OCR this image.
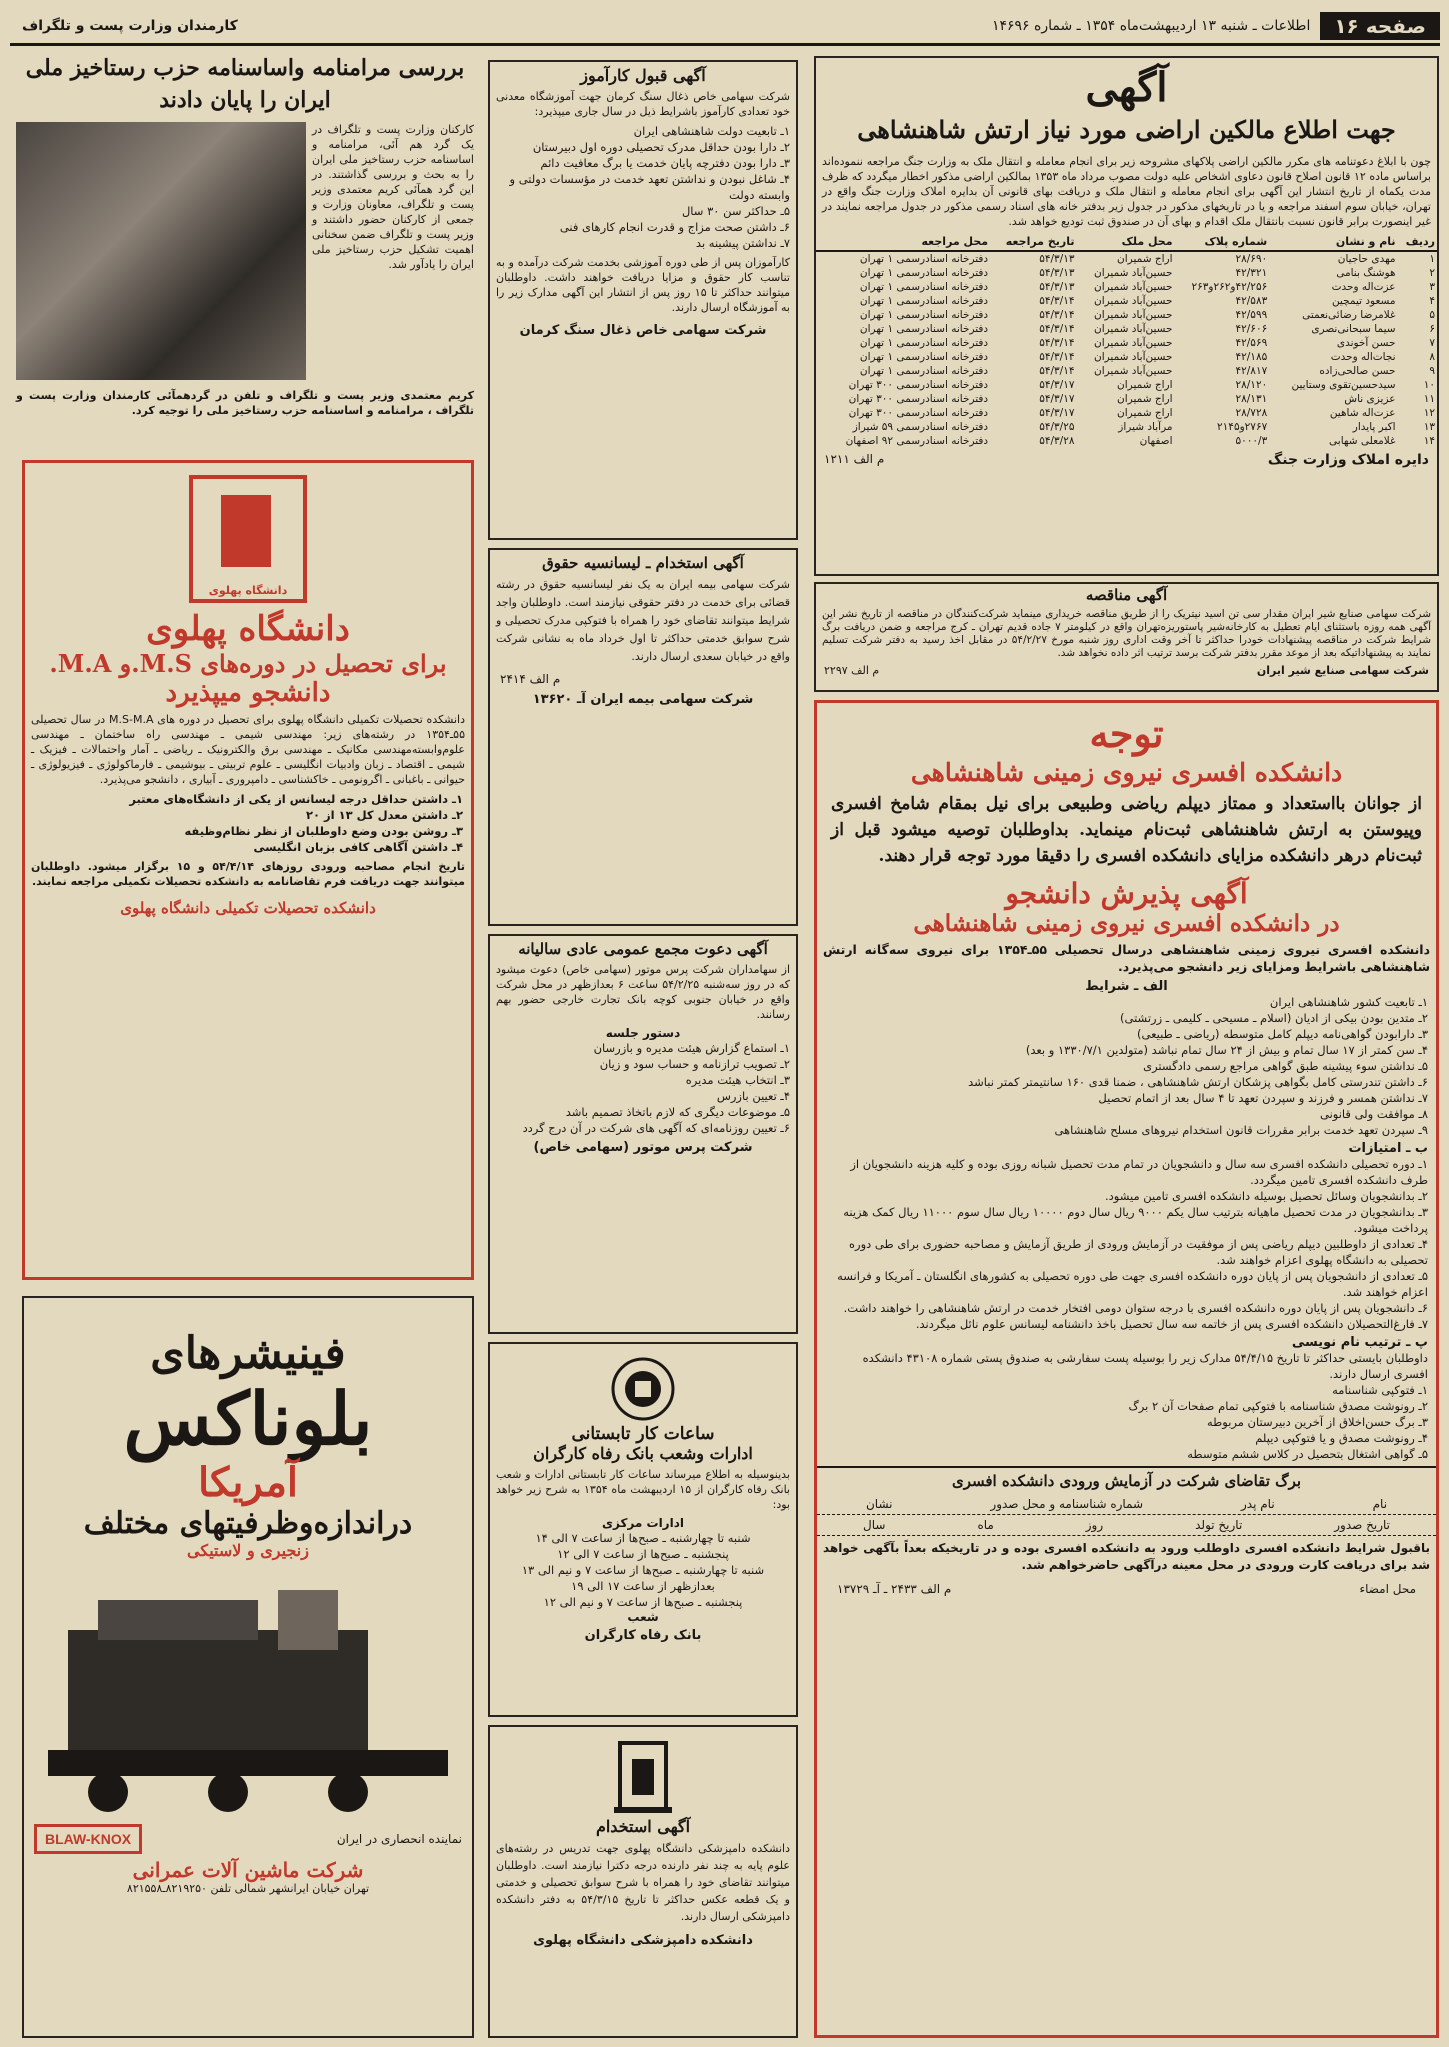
صفحه ۱۶
اطلاعات ـ شنبه ۱۳ اردیبهشت‌ماه ۱۳۵۴ ـ شماره ۱۴۶۹۶
کارمندان وزارت پست و تلگراف
آگهی
جهت اطلاع مالکین اراضی مورد نیاز ارتش شاهنشاهی
چون با ابلاغ دعوتنامه های مکرر مالکین اراضی پلاکهای مشروحه زیر برای انجام معامله و انتقال ملک به وزارت جنگ مراجعه ننموده‌اند براساس ماده ۱۲ قانون اصلاح قانون دعاوی اشخاص علیه دولت مصوب مرداد ماه ۱۳۵۳ بمالکین اراضی مذکور اخطار میگردد که ظرف مدت یکماه از تاریخ انتشار این آگهی برای انجام معامله و انتقال ملک و دریافت بهای قانونی آن بدایره املاک وزارت جنگ واقع در تهران، خیابان سوم اسفند مراجعه و یا در تاریخهای مذکور در جدول زیر بدفتر خانه های اسناد رسمی مذکور در جدول مراجعه نمایند در غیر اینصورت برابر قانون نسبت بانتقال ملک اقدام و بهای آن در صندوق ثبت تودیع خواهد شد.
ردیف	نام و نشان	شماره پلاک	محل ملک	تاریخ مراجعه	محل مراجعه
۱	مهدی حاجیان	۲۸/۶۹۰	اراج شمیران	۵۴/۳/۱۳	دفترخانه اسنادرسمی ۱ تهران
۲	هوشنگ بنامی	۴۲/۳۲۱	حسین‌آباد شمیران	۵۴/۳/۱۳	دفترخانه اسنادرسمی ۱ تهران
۳	عزت‌اله وحدت	۴۲/۲۵۶و۲۶۲و۲۶۳	حسین‌آباد شمیران	۵۴/۳/۱۳	دفترخانه اسنادرسمی ۱ تهران
۴	مسعود تیمچین	۴۲/۵۸۳	حسین‌آباد شمیران	۵۴/۳/۱۴	دفترخانه اسنادرسمی ۱ تهران
۵	غلامرضا رضائی‌نعمتی	۴۲/۵۹۹	حسین‌آباد شمیران	۵۴/۳/۱۴	دفترخانه اسنادرسمی ۱ تهران
۶	سیما سبحانی‌نصری	۴۲/۶۰۶	حسین‌آباد شمیران	۵۴/۳/۱۴	دفترخانه اسنادرسمی ۱ تهران
۷	حسن آخوندی	۴۲/۵۶۹	حسین‌آباد شمیران	۵۴/۳/۱۴	دفترخانه اسنادرسمی ۱ تهران
۸	نجات‌اله وحدت	۴۲/۱۸۵	حسین‌آباد شمیران	۵۴/۳/۱۴	دفترخانه اسنادرسمی ۱ تهران
۹	حسن صالحی‌زاده	۴۲/۸۱۷	حسین‌آباد شمیران	۵۴/۳/۱۴	دفترخانه اسنادرسمی ۱ تهران
۱۰	سیدحسین‌تقوی وستایین	۲۸/۱۲۰	اراج شمیران	۵۴/۳/۱۷	دفترخانه اسنادرسمی ۳۰۰ تهران
۱۱	عزیزی ناش	۲۸/۱۳۱	اراج شمیران	۵۴/۳/۱۷	دفترخانه اسنادرسمی ۳۰۰ تهران
۱۲	عزت‌اله شاهین	۲۸/۷۲۸	اراج شمیران	۵۴/۳/۱۷	دفترخانه اسنادرسمی ۳۰۰ تهران
۱۳	اکبر پایدار	۲۷۶۷و۲۱۴۵	مرآباد شیراز	۵۴/۳/۲۵	دفترخانه اسنادرسمی ۵۹ شیراز
۱۴	غلامعلی شهابی	۵۰۰۰/۳	اصفهان	۵۴/۳/۲۸	دفترخانه اسنادرسمی ۹۲ اصفهان
دایره املاک وزارت جنگ
م الف ۱۲۱۱
آگهی مناقصه
شرکت سهامی صنایع شیر ایران مقدار سی تن اسید نیتریک را از طریق مناقصه خریداری مینماید شرکت‌کنندگان در مناقصه از تاریخ نشر این آگهی همه روزه باستثنای ایام تعطیل به کارخانه‌شیر پاستوریزه‌تهران واقع در کیلومتر ۷ جاده قدیم تهران ـ کرج مراجعه و ضمن دریافت برگ شرایط شرکت در مناقصه پیشنهادات خودرا حداکثر تا آخر وقت اداری روز شنبه مورخ ۵۴/۲/۲۷ در مقابل اخذ رسید به دفتر شرکت تسلیم نمایند به پیشنهاداتیکه بعد از موعد مقرر بدفتر شرکت برسد ترتیب اثر داده نخواهد شد.
شرکت سهامی صنایع شیر ایران
م الف ۲۲۹۷
توجه
دانشکده افسری نیروی زمینی شاهنشاهی
از جوانان بااستعداد و ممتاز دیپلم ریاضی وطبیعی برای نیل بمقام شامخ افسری وپیوستن به ارتش شاهنشاهی ثبت‌نام مینماید. بداوطلبان توصیه میشود قبل از ثبت‌نام درهر دانشکده مزایای دانشکده افسری را دقیقا مورد توجه قرار دهند.
آگهی پذیرش دانشجو
در دانشکده افسری نیروی زمینی شاهنشاهی
دانشکده افسری نیروی زمینی شاهنشاهی درسال تحصیلی ۵۵ـ۱۳۵۴ برای نیروی سه‌گانه ارتش شاهنشاهی باشرایط ومزایای زیر دانشجو می‌پذیرد.
الف ـ شرایط
۱ـ تابعیت کشور شاهنشاهی ایران
۲ـ متدین بودن بیکی از ادیان (اسلام ـ مسیحی ـ کلیمی ـ زرتشتی)
۳ـ دارابودن گواهی‌نامه دیپلم کامل متوسطه (ریاضی ـ طبیعی)
۴ـ سن کمتر از ۱۷ سال تمام و بیش از ۲۴ سال تمام نباشد (متولدین ۱۳۳۰/۷/۱ و بعد)
۵ـ نداشتن سوء پیشینه طبق گواهی مراجع رسمی دادگستری
۶ـ داشتن تندرستی کامل بگواهی پزشکان ارتش شاهنشاهی ، ضمنا قدی ۱۶۰ سانتیمتر کمتر نباشد
۷ـ نداشتن همسر و فرزند و سپردن تعهد تا ۴ سال بعد از اتمام تحصیل
۸ـ موافقت ولی قانونی
۹ـ سپردن تعهد خدمت برابر مقررات قانون استخدام نیروهای مسلح شاهنشاهی
ب ـ امتیازات
۱ـ دوره تحصیلی دانشکده افسری سه سال و دانشجویان در تمام مدت تحصیل شبانه روزی بوده و کلیه هزینه دانشجویان از طرف دانشکده افسری تامین میگردد.
۲ـ بدانشجویان وسائل تحصیل بوسیله دانشکده افسری تامین میشود.
۳ـ بدانشجویان در مدت تحصیل ماهیانه بترتیب سال یکم ۹۰۰۰ ریال سال دوم ۱۰۰۰۰ ریال سال سوم ۱۱۰۰۰ ریال کمک هزینه پرداخت میشود.
۴ـ تعدادی از داوطلبین دیپلم ریاضی پس از موفقیت در آزمایش ورودی از طریق آزمایش و مصاحبه حضوری برای طی دوره تحصیلی به دانشگاه پهلوی اعزام خواهند شد.
۵ـ تعدادی از دانشجویان پس از پایان دوره دانشکده افسری جهت طی دوره تحصیلی به کشورهای انگلستان ـ آمریکا و فرانسه اعزام خواهند شد.
۶ـ دانشجویان پس از پایان دوره دانشکده افسری با درجه ستوان دومی افتخار خدمت در ارتش شاهنشاهی را خواهند داشت.
۷ـ فارغ‌التحصیلان دانشکده افسری پس از خاتمه سه سال تحصیل باخذ دانشنامه لیسانس علوم نائل میگردند.
پ ـ ترتیب نام نویسی
داوطلبان بایستی حداکثر تا تاریخ ۵۴/۴/۱۵ مدارک زیر را بوسیله پست سفارشی به صندوق پستی شماره ۴۳۱۰۸ دانشکده افسری ارسال دارند.
۱ـ فتوکپی شناسنامه
۲ـ رونوشت مصدق شناسنامه با فتوکپی تمام صفحات آن ۲ برگ
۳ـ برگ حسن‌اخلاق از آخرین دبیرستان مربوطه
۴ـ رونوشت مصدق و یا فتوکپی دیپلم
۵ـ گواهی اشتغال بتحصیل در کلاس ششم متوسطه
برگ تقاضای شرکت در آزمایش ورودی دانشکده افسری
نام
نام پدر
شماره شناسنامه و محل صدور
نشان
تاریخ صدور
تاریخ تولد
روز
ماه
سال
باقبول شرایط دانشکده افسری داوطلب ورود به دانشکده افسری بوده و در تاریخیکه بعداً بآگهی خواهد شد برای دریافت کارت ورودی در محل معینه درآگهی حاضرخواهم شد.
محل امضاء
م الف ۲۴۳۳ ـ آـ ۱۳۷۲۹
آگهی قبول کارآموز
شرکت سهامی خاص ذغال سنگ کرمان جهت آموزشگاه معدنی خود تعدادی کارآموز باشرایط ذیل در سال جاری میپذیرد:
۱ـ تابعیت دولت شاهنشاهی ایران
۲ـ دارا بودن حداقل مدرک تحصیلی دوره اول دبیرستان
۳ـ دارا بودن دفترچه پایان خدمت یا برگ معافیت دائم
۴ـ شاغل نبودن و نداشتن تعهد خدمت در مؤسسات دولتی و وابسته دولت
۵ـ حداکثر سن ۳۰ سال
۶ـ داشتن صحت مزاج و قدرت انجام کارهای فنی
۷ـ نداشتن پیشینه بد
کارآموزان پس از طی دوره آموزشی بخدمت شرکت درآمده و به تناسب کار حقوق و مزایا دریافت خواهند داشت. داوطلبان میتوانند حداکثر تا ۱۵ روز پس از انتشار این آگهی مدارک زیر را به آموزشگاه ارسال دارند.
شرکت سهامی خاص ذغال سنگ کرمان
آگهی استخدام ـ لیسانسیه حقوق
شرکت سهامی بیمه ایران به یک نفر لیسانسیه حقوق در رشته قضائی برای خدمت در دفتر حقوقی نیازمند است. داوطلبان واجد شرایط میتوانند تقاضای خود را همراه با فتوکپی مدرک تحصیلی و شرح سوابق خدمتی حداکثر تا اول خرداد ماه به نشانی شرکت واقع در خیابان سعدی ارسال دارند.
م الف ۲۴۱۴
شرکت سهامی بیمه ایران آـ ۱۳۶۲۰
آگهی دعوت مجمع عمومی عادی سالیانه
از سهامداران شرکت پرس موتور (سهامی خاص) دعوت میشود که در روز سه‌شنبه ۵۴/۲/۲۵ ساعت ۶ بعدازظهر در محل شرکت واقع در خیابان جنوبی کوچه بانک تجارت خارجی حضور بهم رسانند.
دستور جلسه
۱ـ استماع گزارش هیئت مدیره و بازرسان
۲ـ تصویب ترازنامه و حساب سود و زیان
۳ـ انتخاب هیئت مدیره
۴ـ تعیین بازرس
۵ـ موضوعات دیگری که لازم باتخاذ تصمیم باشد
۶ـ تعیین روزنامه‌ای که آگهی های شرکت در آن درج گردد
شرکت پرس موتور (سهامی خاص)
ساعات کار تابستانی
ادارات وشعب بانک رفاه کارگران
بدینوسیله به اطلاع میرساند ساعات کار تابستانی ادارات و شعب بانک رفاه کارگران از ۱۵ اردیبهشت ماه ۱۳۵۴ به شرح زیر خواهد بود:
ادارات مرکزی
شنبه تا چهارشنبه ـ صبح‌ها از ساعت ۷ الی ۱۴
پنجشنبه ـ صبح‌ها از ساعت ۷ الی ۱۲
شنبه تا چهارشنبه ـ صبح‌ها از ساعت ۷ و نیم الی ۱۳
بعدازظهر از ساعت ۱۷ الی ۱۹
پنجشنبه ـ صبح‌ها از ساعت ۷ و نیم الی ۱۲
شعب
بانک رفاه کارگران
آگهی استخدام
دانشکده دامپزشکی دانشگاه پهلوی جهت تدریس در رشته‌های علوم پایه به چند نفر دارنده درجه دکترا نیازمند است. داوطلبان میتوانند تقاضای خود را همراه با شرح سوابق تحصیلی و خدمتی و یک قطعه عکس حداکثر تا تاریخ ۵۴/۳/۱۵ به دفتر دانشکده دامپزشکی ارسال دارند.
دانشکده دامپزشکی دانشگاه پهلوی
بررسی مرامنامه واساسنامه حزب رستاخیز ملی ایران را پایان دادند
کارکنان وزارت پست و تلگراف در یک گرد هم آئی، مرامنامه و اساسنامه حزب رستاخیز ملی ایران را به بحث و بررسی گذاشتند. در این گرد همآئی کریم معتمدی وزیر پست و تلگراف، معاونان وزارت و جمعی از کارکنان حضور داشتند و وزیر پست و تلگراف ضمن سخنانی اهمیت تشکیل حزب رستاخیز ملی ایران را یادآور شد.
کریم معتمدی وزیر پست و تلگراف و تلفن در گردهمآئی کارمندان وزارت پست و تلگراف ، مرامنامه و اساسنامه حزب رستاخیز ملی را توجیه کرد.
دانشگاه پهلوی
دانشگاه پهلوی
برای تحصیل در دوره‌های M.S.و M.A.
دانشجو میپذیرد
دانشکده تحصیلات تکمیلی دانشگاه پهلوی برای تحصیل در دوره های M.S-M.A در سال تحصیلی ۵۵ـ۱۳۵۴ در رشته‌های زیر: مهندسی شیمی ـ مهندسی راه ساختمان ـ مهندسی علوم‌وابسته‌مهندسی مکانیک ـ مهندسی برق والکترونیک ـ ریاضی ـ آمار واحتمالات ـ فیزیک ـ شیمی ـ اقتصاد ـ زبان وادبیات انگلیسی ـ علوم تربیتی ـ بیوشیمی ـ فارماکولوژی ـ فیزیولوژی ـ حیوانی ـ باغبانی ـ اگرونومی ـ خاکشناسی ـ دامپروری ـ آبیاری ، دانشجو می‌پذیرد.
۱ـ داشتن حداقل درجه لیسانس از یکی از دانشگاه‌های معتبر
۲ـ داشتن معدل کل ۱۳ از ۲۰
۳ـ روشن بودن وضع داوطلبان از نظر نظام‌وظیفه
۴ـ داشتن آگاهی کافی بزبان انگلیسی
تاریخ انجام مصاحبه ورودی روزهای ۵۴/۴/۱۴ و ۱۵ برگزار میشود. داوطلبان میتوانند جهت دریافت فرم تقاضانامه به دانشکده تحصیلات تکمیلی مراجعه نمایند.
دانشکده تحصیلات تکمیلی دانشگاه پهلوی
فینیشرهای
بلوناکس
آمریکا
دراندازه‌وظرفیتهای مختلف
زنجیری و لاستیکی
نماینده انحصاری در ایران
BLAW-KNOX
شرکت ماشین آلات عمرانی
تهران خیابان ایرانشهر شمالی تلفن ۸۲۱۹۲۵۰ـ۸۲۱۵۵۸
